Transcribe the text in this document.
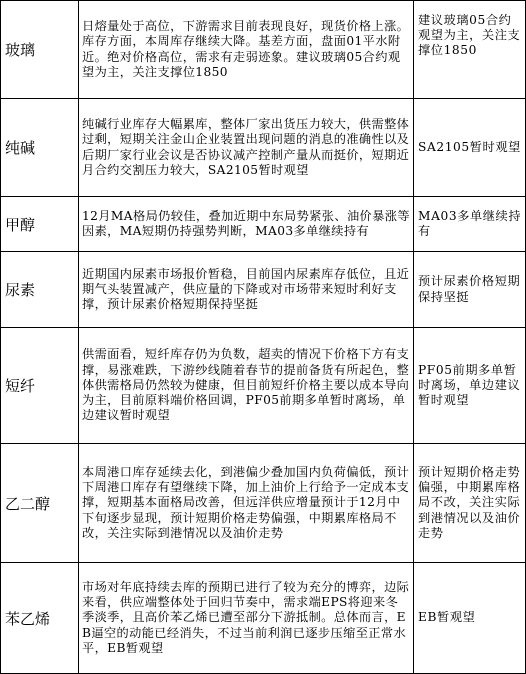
玻璃	日熔量处于高位，下游需求目前表现良好，现货价格上涨。库存方面，本周库存继续大降。基差方面，盘面01平水附近。绝对价格高位，需求有走弱迹象。建议玻璃05合约观望为主，关注支撑位1850	建议玻璃05合约观望为主，关注支撑位1850
纯碱	纯碱行业库存大幅累库，整体厂家出货压力较大，供需整体过剩，短期关注金山企业装置出现问题的消息的准确性以及后期厂家行业会议是否协议减产控制产量从而挺价，短期近月合约交割压力较大，SA2105暂时观望	SA2105暂时观望
甲醇	12月MA格局仍较佳，叠加近期中东局势紧张、油价暴涨等因素，MA短期仍持强势判断，MA03多单继续持有	MA03多单继续持有
尿素	近期国内尿素市场报价暂稳，目前国内尿素库存低位，且近期气头装置减产，供应量的下降或对市场带来短时利好支撑，预计尿素价格短期保持坚挺	预计尿素价格短期保持坚挺
短纤	供需面看，短纤库存仍为负数，超卖的情况下价格下方有支撑，易涨难跌，下游纱线随着春节的提前备货有所起色，整体供需格局仍然较为健康，但目前短纤价格主要以成本导向为主，目前原料端价格回调，PF05前期多单暂时离场，单边建议暂时观望	PF05前期多单暂时离场，单边建议暂时观望
乙二醇	本周港口库存延续去化，到港偏少叠加国内负荷偏低，预计下周港口库存有望继续下降，加上油价上行给予一定成本支撑，短期基本面格局改善，但远洋供应增量预计于12月中下旬逐步显现，预计短期价格走势偏强，中期累库格局不改，关注实际到港情况以及油价走势	预计短期价格走势偏强，中期累库格局不改，关注实际到港情况以及油价走势
苯乙烯	市场对年底持续去库的预期已进行了较为充分的博弈，边际来看，供应端整体处于回归节奏中，需求端EPS将迎来冬季淡季，且高价苯乙烯已遭至部分下游抵制。总体而言，EB逼空的动能已经消失，不过当前利润已逐步压缩至正常水平，EB暂观望	EB暂观望
